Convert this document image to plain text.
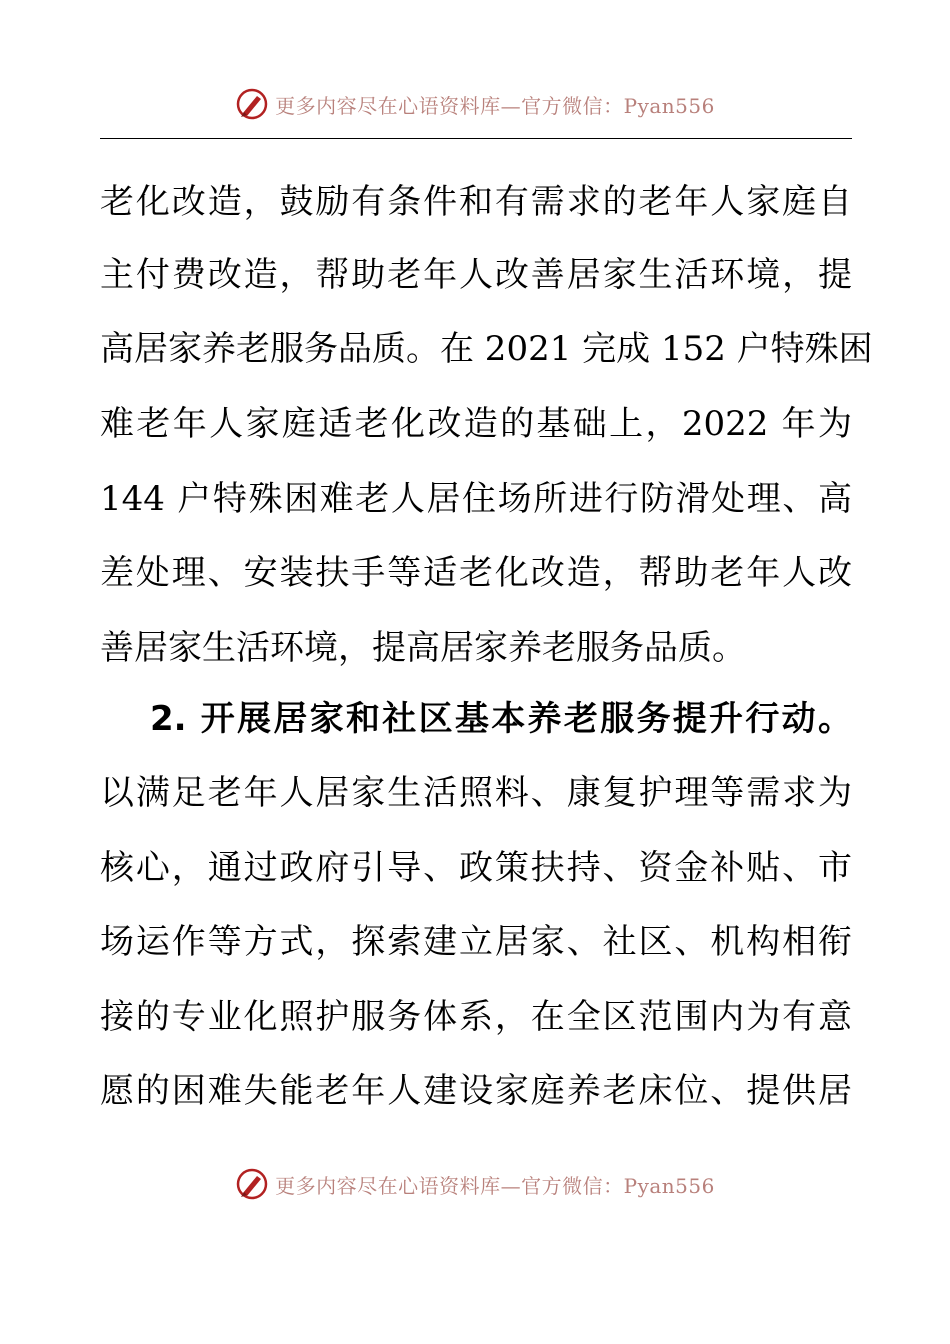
更多内容尽在心语资料库—官方微信：Pyan556
老化改造，鼓励有条件和有需求的老年人家庭自
主付费改造，帮助老年人改善居家生活环境，提
高居家养老服务品质。在 2021 完成 152 户特殊困
难老年人家庭适老化改造的基础上，2022 年为
144 户特殊困难老人居住场所进行防滑处理、高
差处理、安装扶手等适老化改造，帮助老年人改
善居家生活环境，提高居家养老服务品质。
2. 开展居家和社区基本养老服务提升行动。
以满足老年人居家生活照料、康复护理等需求为
核心，通过政府引导、政策扶持、资金补贴、市
场运作等方式，探索建立居家、社区、机构相衔
接的专业化照护服务体系，在全区范围内为有意
愿的困难失能老年人建设家庭养老床位、提供居
更多内容尽在心语资料库—官方微信：Pyan556
